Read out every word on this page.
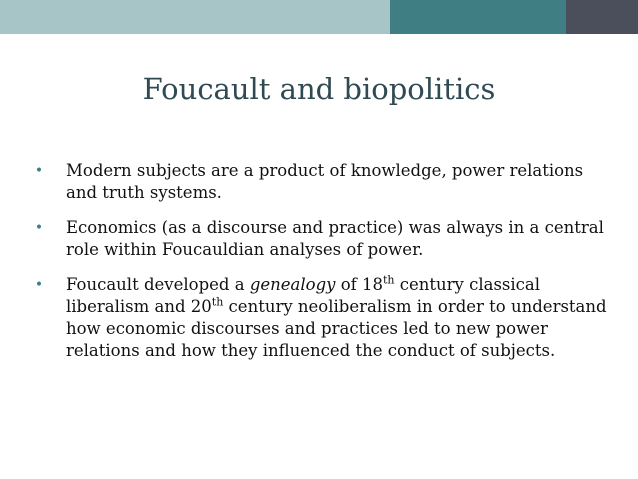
Foucault and biopolitics
•	Modern subjects are a product of knowledge, power relations and truth systems.
•	Economics (as a discourse and practice) was always in a central role within Foucauldian analyses of power.
•	Foucault developed a genealogy of 18th century classical liberalism and 20th century neoliberalism in order to understand how economic discourses and practices led to new power relations and how they influenced the conduct of subjects.
